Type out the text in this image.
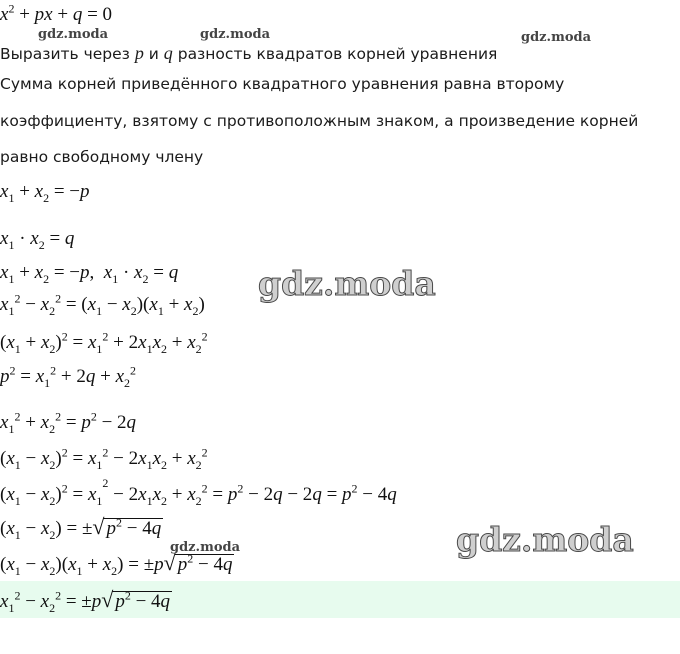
$x^2$ + px + q = 0
Выразить через p и q разность квадратов корней уравнения
Сумма корней приведённого квадратного уравнения равна второму
коэффициенту, взятому с противоположным знаком, а произведение корней
равно свободному члену
$x_1 + x_2 = -p$
$x_1 \cdot x_2 = q$
$x_1 + x_2 = -p$,  $x_1 \cdot x_2 = q$
$x_1^2 - x_2^2 = (x_1 - x_2)(x_1 + x_2)$
$(x_1 + x_2)^2 = x_1^2 + 2x_1x_2 + x_2^2$
$p^2 = x_1^2 + 2q + x_2^2$
$x_1^2 + x_2^2 = p^2 - 2q$
$(x_1 - x_2)^2 = x_1^2 - 2x_1x_2 + x_2^2$
$(x_1 - x_2)^2 = x_1^2 - 2x_1x_2 + x_2^2 = p^2 - 2q - 2q = p^2 - 4q$
$(x_1 - x_2)$ = ±√ $p^2 - 4q$
$(x_1 - x_2)(x_1 + x_2) = \pm p√$ $p^2 - 4q$
$x_1^2 - x_2^2 = \pm p√$ $p^2 - 4q$
gdz.moda	gdz.moda	gdz.moda
gdz.moda
gdz.moda
gdz.moda
